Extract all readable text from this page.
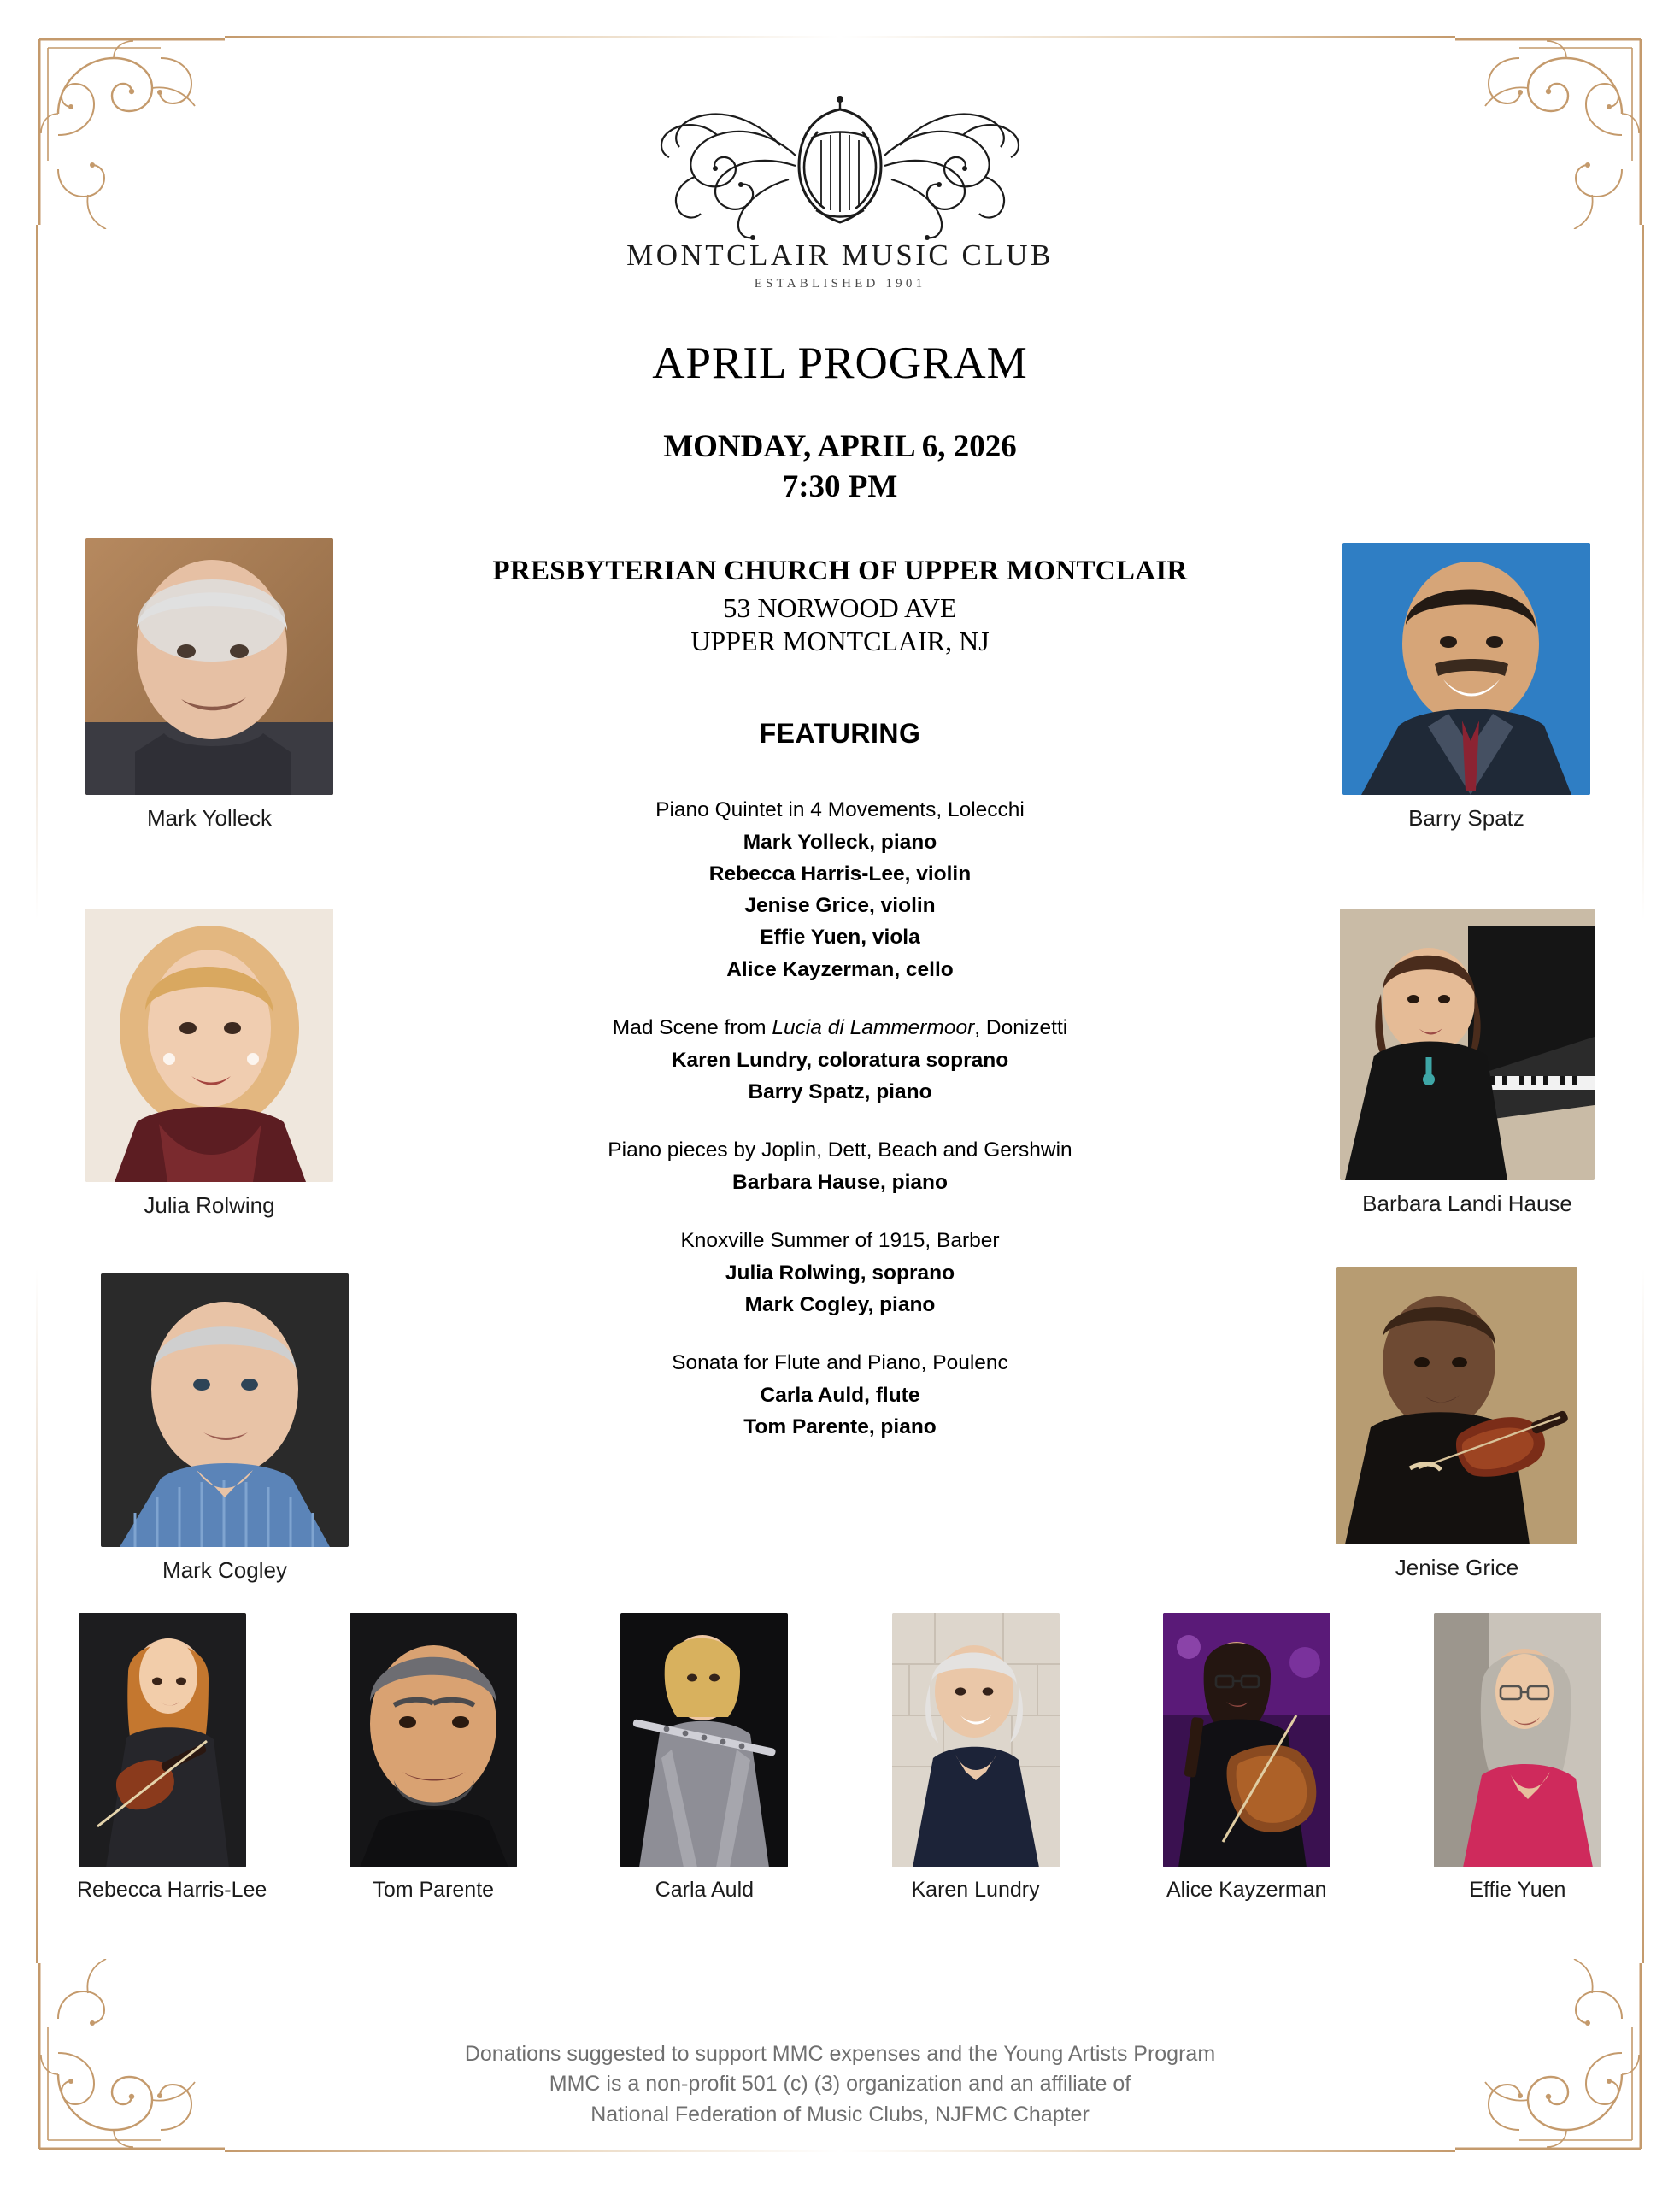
MONTCLAIR MUSIC CLUB
ESTABLISHED 1901
APRIL PROGRAM
MONDAY, APRIL 6, 2026
7:30 PM
PRESBYTERIAN CHURCH OF UPPER MONTCLAIR
53 NORWOOD AVE
UPPER MONTCLAIR, NJ
FEATURING
Piano Quintet in 4 Movements, Lolecchi
Mark Yolleck, piano
Rebecca Harris-Lee, violin
Jenise Grice, violin
Effie Yuen, viola
Alice Kayzerman, cello
Mad Scene from Lucia di Lammermoor, Donizetti
Karen Lundry, coloratura soprano
Barry Spatz, piano
Piano pieces by Joplin, Dett, Beach and Gershwin
Barbara Hause, piano
Knoxville Summer of 1915, Barber
Julia Rolwing, soprano
Mark Cogley, piano
Sonata for Flute and Piano, Poulenc
Carla Auld, flute
Tom Parente, piano
Mark Yolleck
Julia Rolwing
Mark Cogley
Barry Spatz
Barbara Landi Hause
Jenise Grice
Rebecca Harris-Lee	Tom Parente	Carla Auld	Karen Lundry	Alice Kayzerman	Effie Yuen
Donations suggested to support MMC expenses and the Young Artists Program
MMC is a non-profit 501 (c) (3) organization and an affiliate of
National Federation of Music Clubs, NJFMC Chapter
